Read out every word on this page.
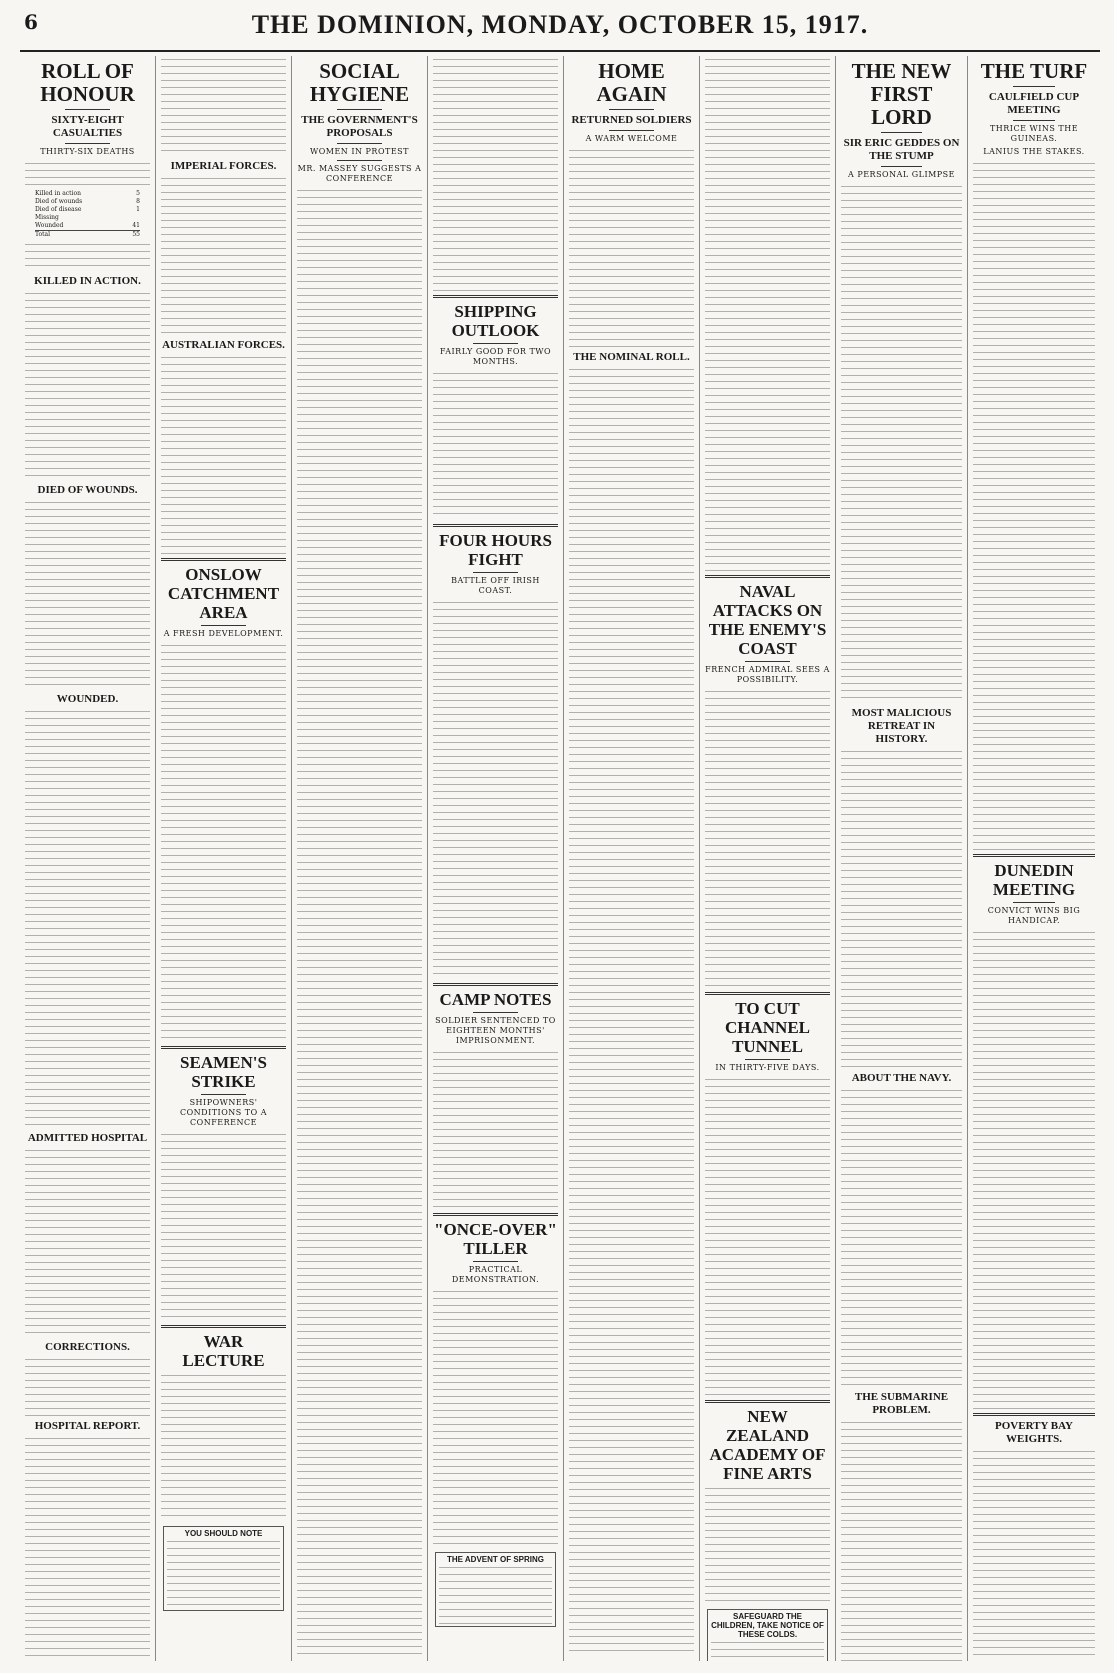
6	THE DOMINION, MONDAY, OCTOBER 15, 1917.
ROLL OF HONOUR
SIXTY-EIGHT CASUALTIES
THIRTY-SIX DEATHS
Killed in action	5
Died of wounds	8
Died of disease	1
Missing
Wounded	41
Total	55
KILLED IN ACTION.
DIED OF WOUNDS.
WOUNDED.
ADMITTED HOSPITAL
CORRECTIONS.
HOSPITAL REPORT.
IMPERIAL FORCES.
AUSTRALIAN FORCES.
ONSLOW CATCHMENT AREA
A FRESH DEVELOPMENT.
SEAMEN'S STRIKE
SHIPOWNERS' CONDITIONS TO A CONFERENCE
WAR LECTURE
YOU SHOULD NOTE
SOCIAL HYGIENE
THE GOVERNMENT'S PROPOSALS
WOMEN IN PROTEST
MR. MASSEY SUGGESTS A CONFERENCE
SHIPPING OUTLOOK
FAIRLY GOOD FOR TWO MONTHS.
FOUR HOURS FIGHT
BATTLE OFF IRISH COAST.
CAMP NOTES
SOLDIER SENTENCED TO EIGHTEEN MONTHS' IMPRISONMENT.
"ONCE-OVER" TILLER
PRACTICAL DEMONSTRATION.
THE ADVENT OF SPRING
HOME AGAIN
RETURNED SOLDIERS
A WARM WELCOME
THE NOMINAL ROLL.
NAVAL ATTACKS ON THE ENEMY'S COAST
FRENCH ADMIRAL SEES A POSSIBILITY.
TO CUT CHANNEL TUNNEL
IN THIRTY-FIVE DAYS.
NEW ZEALAND ACADEMY OF FINE ARTS
SAFEGUARD THE CHILDREN, TAKE NOTICE OF THESE COLDS.
THE NEW FIRST LORD
SIR ERIC GEDDES ON THE STUMP
A PERSONAL GLIMPSE
MOST MALICIOUS RETREAT IN HISTORY.
ABOUT THE NAVY.
THE SUBMARINE PROBLEM.
THE TURF
CAULFIELD CUP MEETING
THRICE WINS THE GUINEAS.
LANIUS THE STAKES.
DUNEDIN MEETING
CONVICT WINS BIG HANDICAP.
POVERTY BAY WEIGHTS.
